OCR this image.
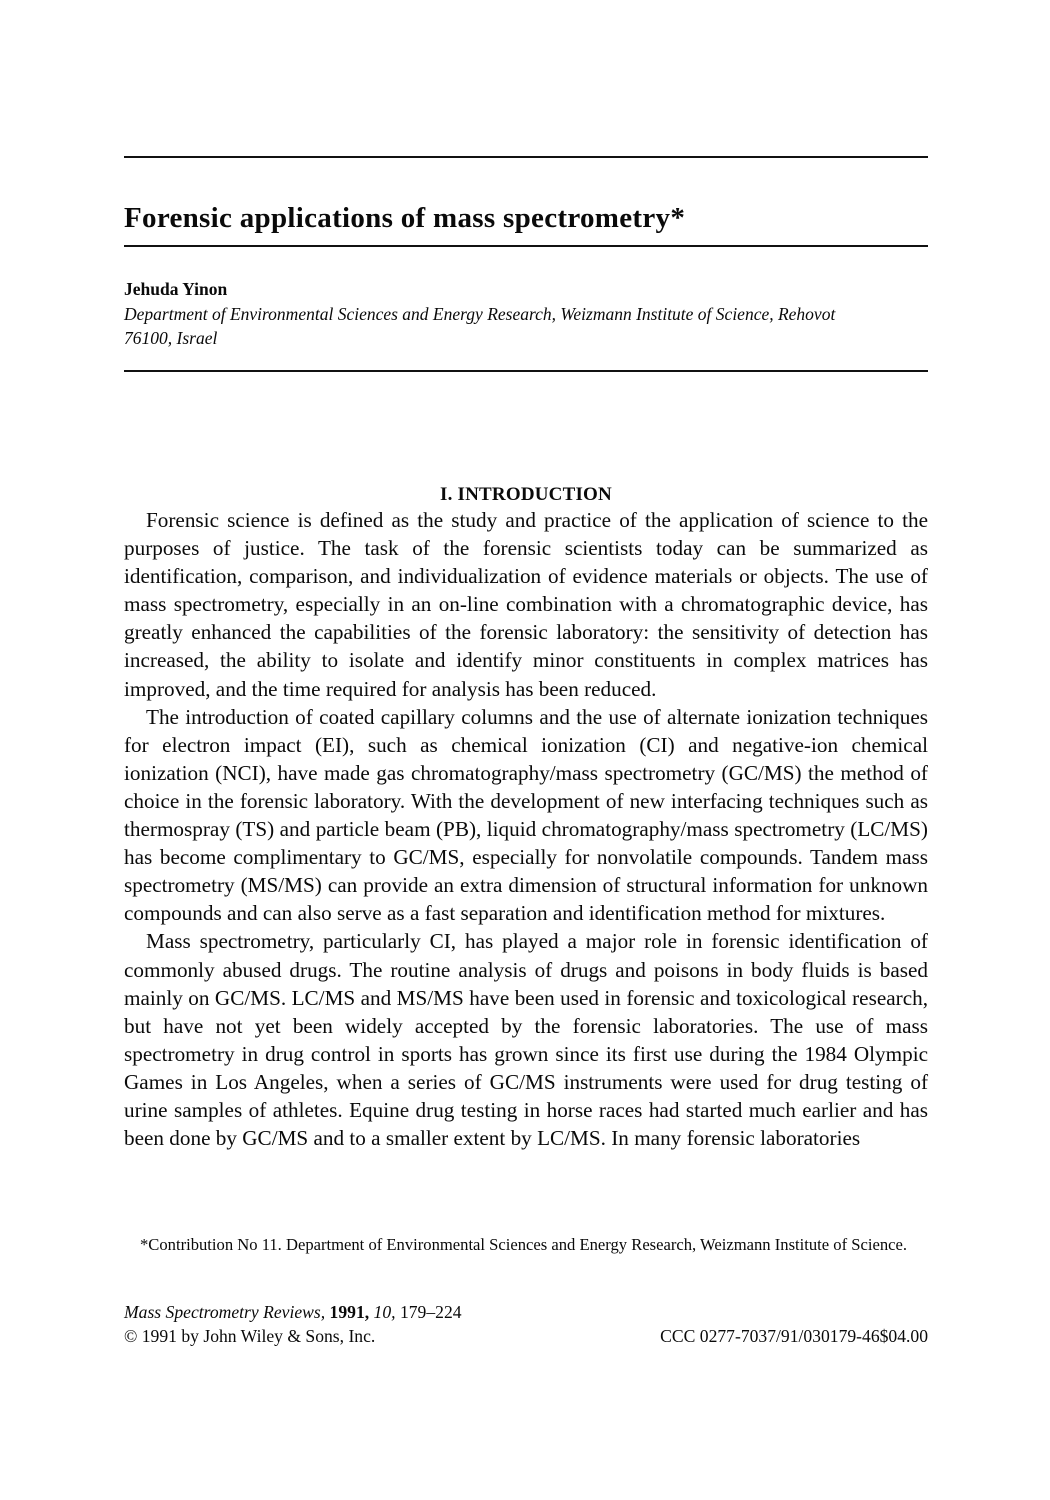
Forensic applications of mass spectrometry*
Jehuda Yinon
Department of Environmental Sciences and Energy Research, Weizmann Institute of Science, Rehovot 76100, Israel
I. INTRODUCTION

Forensic science is defined as the study and practice of the application of science to the purposes of justice. The task of the forensic scientists today can be summarized as identification, comparison, and individualization of evidence materials or objects. The use of mass spectrometry, especially in an on-line combination with a chromatographic device, has greatly enhanced the capabilities of the forensic laboratory: the sensitivity of detection has increased, the ability to isolate and identify minor constituents in complex matrices has improved, and the time required for analysis has been reduced.

The introduction of coated capillary columns and the use of alternate ionization techniques for electron impact (EI), such as chemical ionization (CI) and negative-ion chemical ionization (NCI), have made gas chromatography/mass spectrometry (GC/MS) the method of choice in the forensic laboratory. With the development of new interfacing techniques such as thermospray (TS) and particle beam (PB), liquid chromatography/mass spectrometry (LC/MS) has become complimentary to GC/MS, especially for nonvolatile compounds. Tandem mass spectrometry (MS/MS) can provide an extra dimension of structural information for unknown compounds and can also serve as a fast separation and identification method for mixtures.

Mass spectrometry, particularly CI, has played a major role in forensic identification of commonly abused drugs. The routine analysis of drugs and poisons in body fluids is based mainly on GC/MS. LC/MS and MS/MS have been used in forensic and toxicological research, but have not yet been widely accepted by the forensic laboratories. The use of mass spectrometry in drug control in sports has grown since its first use during the 1984 Olympic Games in Los Angeles, when a series of GC/MS instruments were used for drug testing of urine samples of athletes. Equine drug testing in horse races had started much earlier and has been done by GC/MS and to a smaller extent by LC/MS. In many forensic laboratories

*Contribution No 11. Department of Environmental Sciences and Energy Research, Weizmann Institute of Science.
Mass Spectrometry Reviews, 1991, 10, 179–224
© 1991 by John Wiley & Sons, Inc.	CCC 0277-7037/91/030179-46$04.00
